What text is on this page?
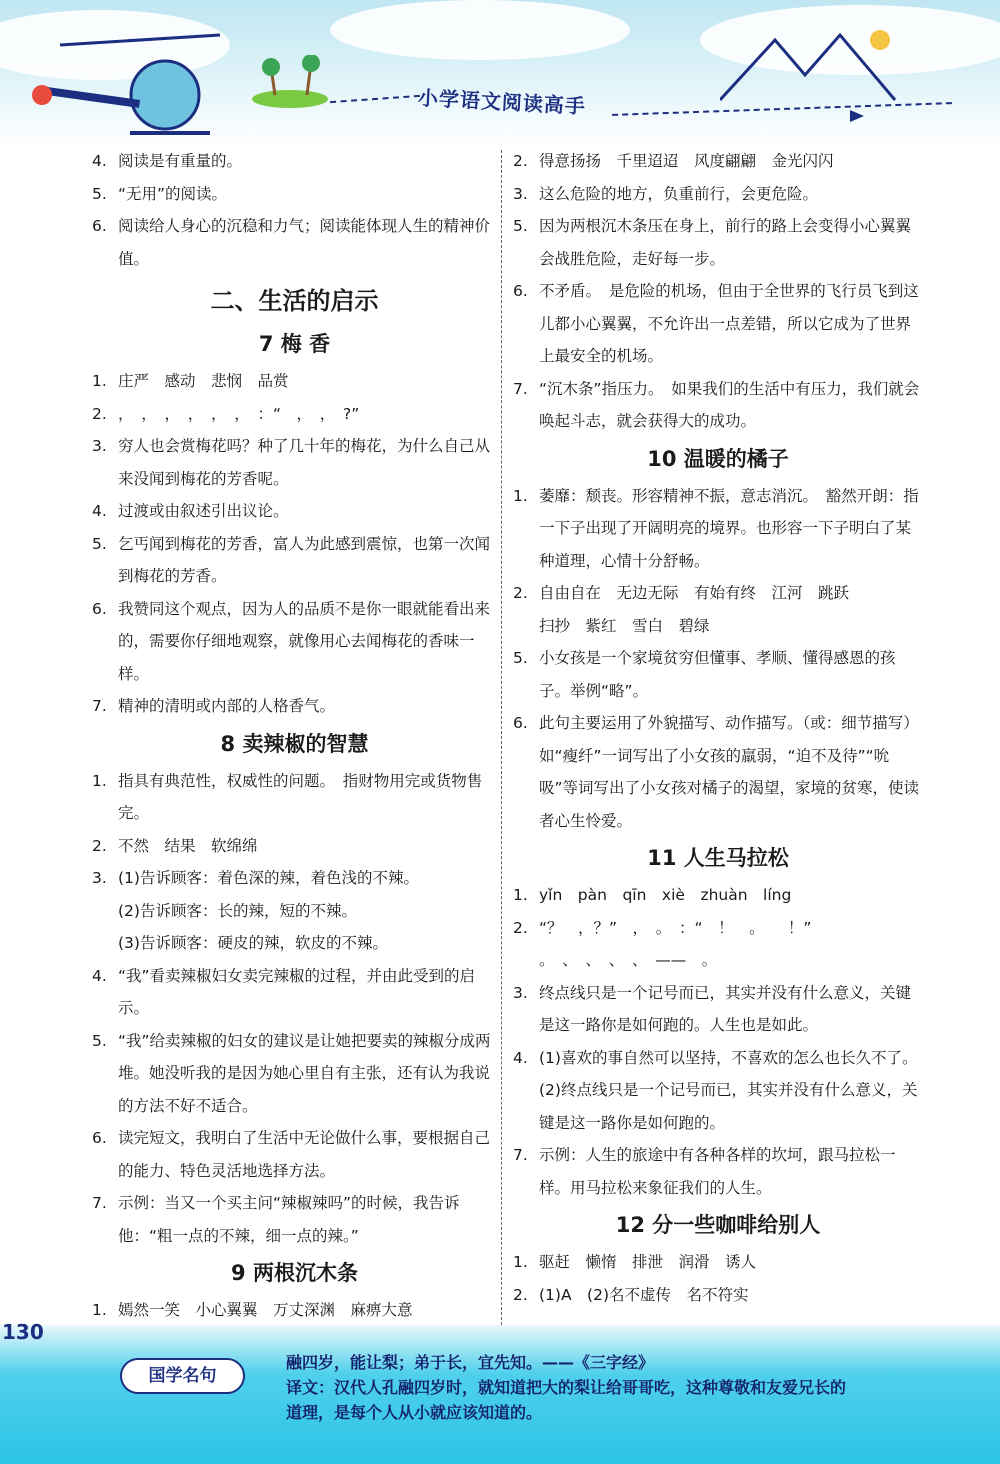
小学语文阅读高手
4. 阅读是有重量的。
5. “无用”的阅读。
6. 阅读给人身心的沉稳和力气；阅读能体现人生的精神价值。
二、生活的启示
7 梅 香
1. 庄严　感动　悲悯　品赏
2. ，　，　，　，　，　，　：“　，　，　?”
3. 穷人也会赏梅花吗？种了几十年的梅花，为什么自己从来没闻到梅花的芳香呢。
4. 过渡或由叙述引出议论。
5. 乞丐闻到梅花的芳香，富人为此感到震惊，也第一次闻到梅花的芳香。
6. 我赞同这个观点，因为人的品质不是你一眼就能看出来的，需要你仔细地观察，就像用心去闻梅花的香味一样。
7. 精神的清明或内部的人格香气。
8 卖辣椒的智慧
1. 指具有典范性，权威性的问题。　指财物用完或货物售完。
2. 不然　结果　软绵绵
3. (1)告诉顾客：着色深的辣，着色浅的不辣。
(2)告诉顾客：长的辣，短的不辣。
(3)告诉顾客：硬皮的辣，软皮的不辣。
4. “我”看卖辣椒妇女卖完辣椒的过程，并由此受到的启示。
5. “我”给卖辣椒的妇女的建议是让她把要卖的辣椒分成两堆。她没听我的是因为她心里自有主张，还有认为我说的方法不好不适合。
6. 读完短文，我明白了生活中无论做什么事，要根据自己的能力、特色灵活地选择方法。
7. 示例：当又一个买主问“辣椒辣吗”的时候，我告诉他：“粗一点的不辣，细一点的辣。”
9 两根沉木条
1. 嫣然一笑　小心翼翼　万丈深渊　麻痹大意
2. 得意扬扬　千里迢迢　风度翩翩　金光闪闪
3. 这么危险的地方，负重前行，会更危险。
5. 因为两根沉木条压在身上，前行的路上会变得小心翼翼会战胜危险，走好每一步。
6. 不矛盾。　是危险的机场，但由于全世界的飞行员飞到这儿都小心翼翼，不允许出一点差错，所以它成为了世界上最安全的机场。
7. “沉木条”指压力。　如果我们的生活中有压力，我们就会唤起斗志，就会获得大的成功。
10 温暖的橘子
1. 萎靡：颓丧。形容精神不振，意志消沉。　豁然开朗：指一下子出现了开阔明亮的境界。也形容一下子明白了某种道理，心情十分舒畅。
2. 自由自在　无边无际　有始有终　江河　跳跃
扫抄　紫红　雪白　碧绿
5. 小女孩是一个家境贫穷但懂事、孝顺、懂得感恩的孩子。举例“略”。
6. 此句主要运用了外貌描写、动作描写。（或：细节描写）如“瘦纤”一词写出了小女孩的羸弱，“迫不及待”“吮吸”等词写出了小女孩对橘子的渴望，家境的贫寒，使读者心生怜爱。
11 人生马拉松
1. yǐn　pàn　qīn　xiè　zhuàn　líng
2. “？　，？”　，　。　：“　！　。　　！”
。　、　、　、　、　——　。
3. 终点线只是一个记号而已，其实并没有什么意义，关键是这一路你是如何跑的。人生也是如此。
4. (1)喜欢的事自然可以坚持，不喜欢的怎么也长久不了。
(2)终点线只是一个记号而已，其实并没有什么意义，关键是这一路你是如何跑的。
7. 示例：人生的旅途中有各种各样的坎坷，跟马拉松一样。用马拉松来象征我们的人生。
12 分一些咖啡给别人
1. 驱赶　懒惰　排泄　润滑　诱人
2. (1)A　(2)名不虚传　名不符实
130
国学名句
融四岁，能让梨；弟于长，宜先知。——《三字经》
译文：汉代人孔融四岁时，就知道把大的梨让给哥哥吃，这种尊敬和友爱兄长的
道理，是每个人从小就应该知道的。
